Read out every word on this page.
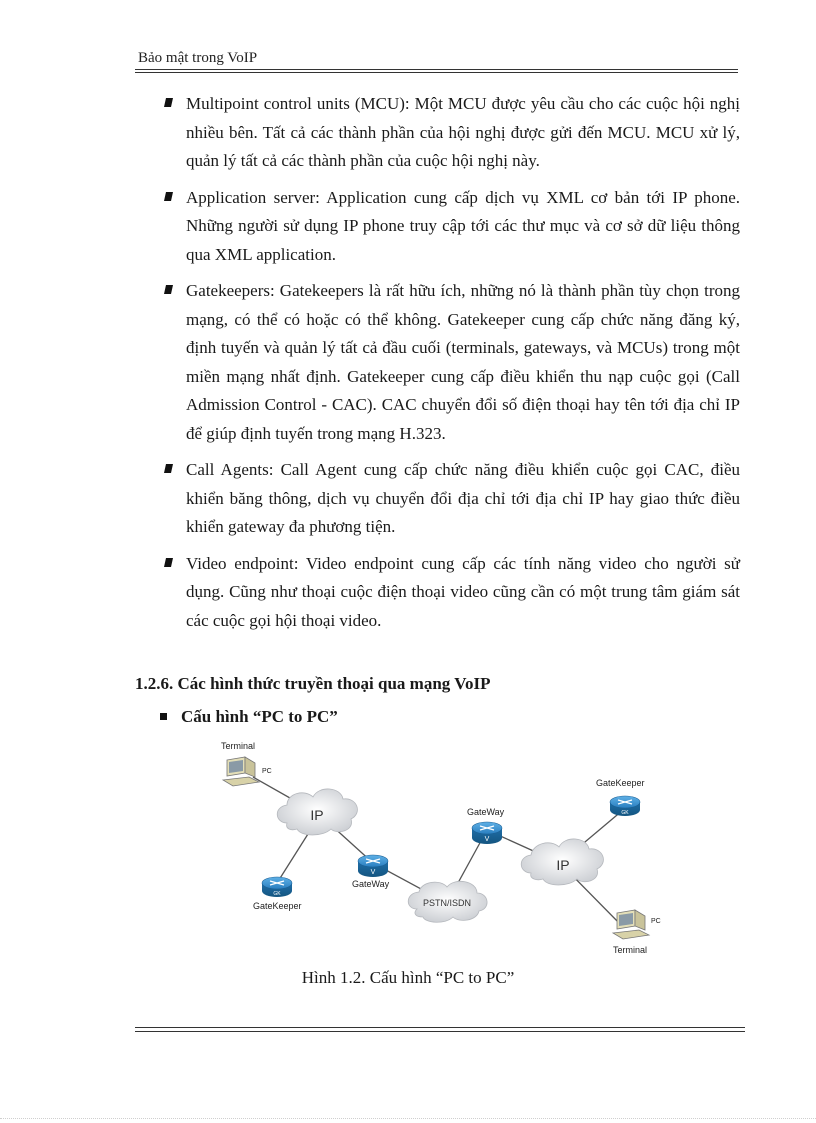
Bảo mật trong VoIP
Multipoint control units (MCU): Một MCU được yêu cầu cho các cuộc hội nghị nhiều bên. Tất cả các thành phần của hội nghị được gửi đến MCU. MCU xử lý, quản lý tất cả các thành phần của cuộc hội nghị này.
Application server: Application cung cấp dịch vụ XML cơ bản tới IP phone. Những người sử dụng IP phone truy cập tới các thư mục và cơ sở dữ liệu thông qua XML application.
Gatekeepers: Gatekeepers là rất hữu ích, những nó là thành phần tùy chọn trong mạng, có thể có hoặc có thể không. Gatekeeper cung cấp chức năng đăng ký, định tuyến và quản lý tất cả đầu cuối (terminals, gateways, và MCUs) trong một miền mạng nhất định. Gatekeeper cung cấp điều khiển thu nạp cuộc gọi (Call Admission Control - CAC). CAC chuyển đổi số điện thoại hay tên tới địa chỉ IP để giúp định tuyến trong mạng H.323.
Call Agents: Call Agent cung cấp chức năng điều khiển cuộc gọi CAC, điều khiển băng thông, dịch vụ chuyển đổi địa chỉ tới địa chỉ IP hay giao thức điều khiển gateway đa phương tiện.
Video endpoint: Video endpoint cung cấp các tính năng video cho người sử dụng. Cũng như thoại cuộc điện thoại video cũng cần có một trung tâm giám sát các cuộc gọi hội thoại video.
1.2.6. Các hình thức truyền thoại qua mạng VoIP
Cấu hình “PC to PC”
IP
PSTN/ISDN
IP
Terminal
PC
GK
GateKeeper
V
GateWay
V
GateWay	GK
GateKeeper
PC
Terminal
Hình 1.2. Cấu hình “PC to PC”
